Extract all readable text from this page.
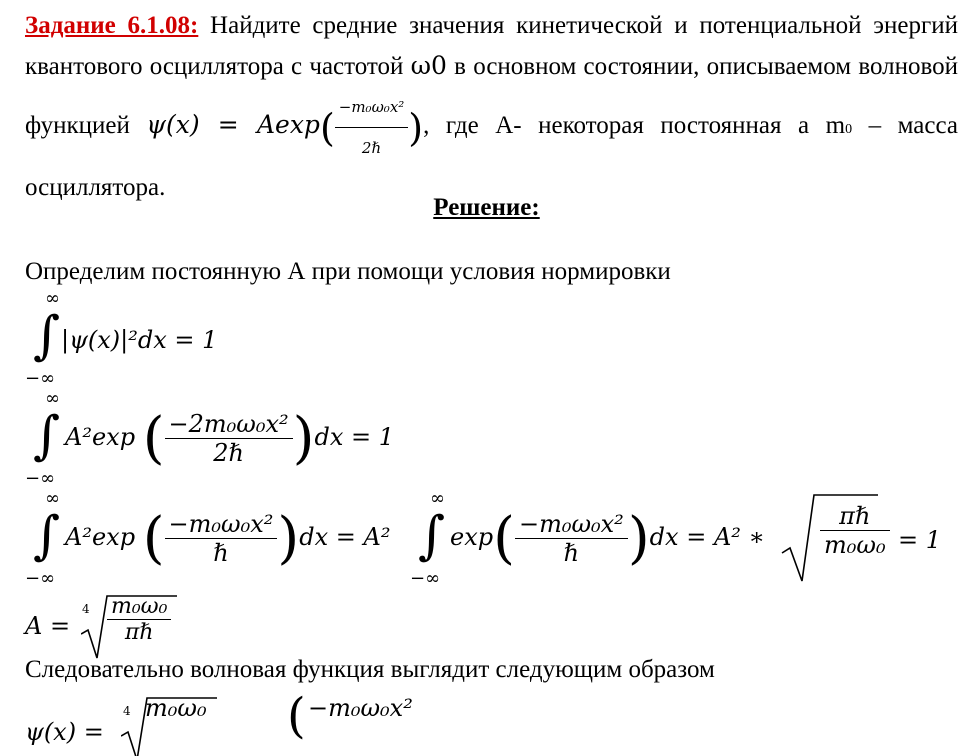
Задание 6.1.08: Найдите средние значения кинетической и потенциальной энергий квантового осциллятора с частотой ω0 в основном состоянии, описываемом волновой функцией $\psi(x) = Aexp( \frac{\text{−m₀ω₀x²}}{\text{2ℏ}}$ ), где А- некоторая постоянная а m0 – масса осциллятора.
Решение:
Определим постоянную А при помощи условия нормировки
∞
∫
−∞
|ψ(x)|²dx = 1
∞
∫
−∞
A²exp ( $\frac{\text{−2m₀ω₀x²}}{\text{2ℏ}} )dx = 1$
∞
∫
−∞
A²exp ( $\frac{\text{−m₀ω₀x²}}{\text{ℏ}} )dx = A^2$
∞
∫
−∞
$\exp( \frac{\text{−m₀ω₀x²}}{\text{ℏ}} )dx = A^2$ ∗
πℏ
m₀ω₀ = 1
A =
4 m₀ω₀
πℏ
Следовательно волновая функция выглядит следующим образом
ψ(x) =
4 m₀ω₀ ( −m₀ω₀x²
